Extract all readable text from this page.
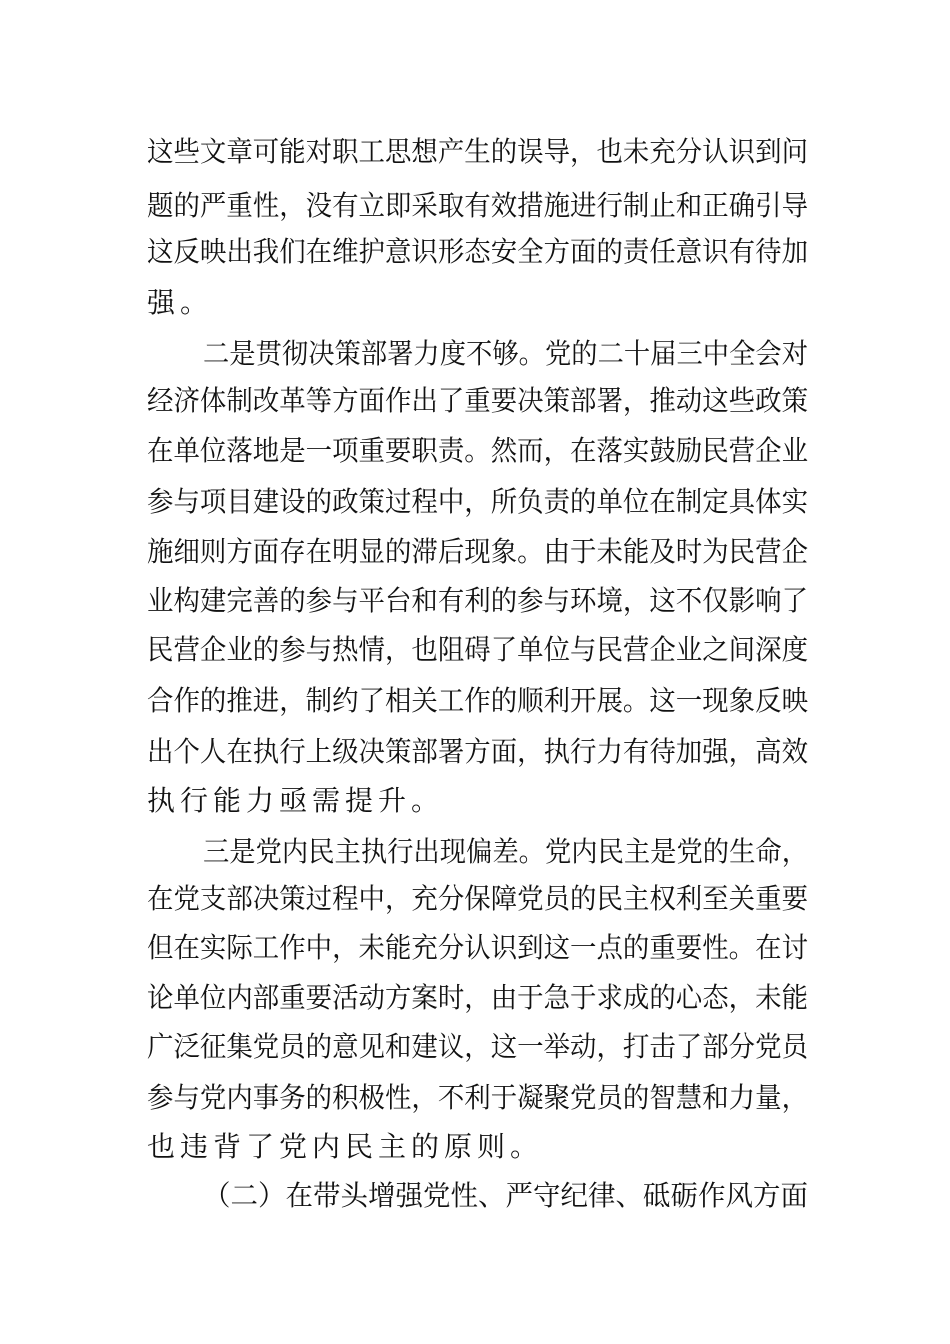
这些文章可能对职工思想产生的误导，也未充分认识到问
题的严重性，没有立即采取有效措施进行制止和正确引导
这反映出我们在维护意识形态安全方面的责任意识有待加
强。
二是贯彻决策部署力度不够。党的二十届三中全会对
经济体制改革等方面作出了重要决策部署，推动这些政策
在单位落地是一项重要职责。然而，在落实鼓励民营企业
参与项目建设的政策过程中，所负责的单位在制定具体实
施细则方面存在明显的滞后现象。由于未能及时为民营企
业构建完善的参与平台和有利的参与环境，这不仅影响了
民营企业的参与热情，也阻碍了单位与民营企业之间深度
合作的推进，制约了相关工作的顺利开展。这一现象反映
出个人在执行上级决策部署方面，执行力有待加强，高效
执行能力亟需提升。
三是党内民主执行出现偏差。党内民主是党的生命，
在党支部决策过程中，充分保障党员的民主权利至关重要
但在实际工作中，未能充分认识到这一点的重要性。在讨
论单位内部重要活动方案时，由于急于求成的心态，未能
广泛征集党员的意见和建议，这一举动，打击了部分党员
参与党内事务的积极性，不利于凝聚党员的智慧和力量，
也违背了党内民主的原则。
（二）在带头增强党性、严守纪律、砥砺作风方面
